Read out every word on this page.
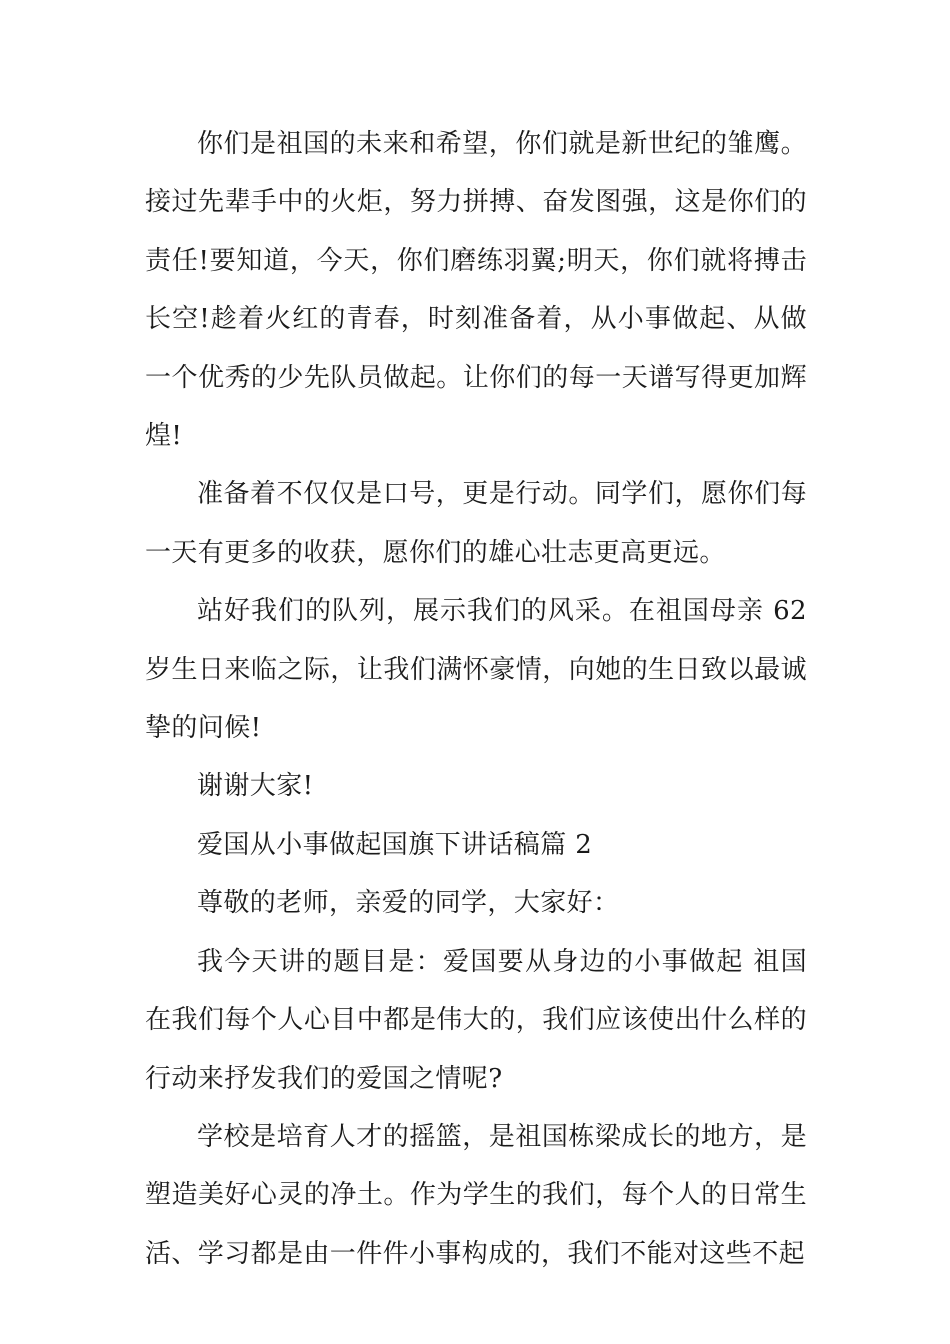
你们是祖国的未来和希望，你们就是新世纪的雏鹰。接过先辈手中的火炬，努力拼搏、奋发图强，这是你们的责任!要知道，今天，你们磨练羽翼;明天，你们就将搏击长空!趁着火红的青春，时刻准备着，从小事做起、从做一个优秀的少先队员做起。让你们的每一天谱写得更加辉煌!

准备着不仅仅是口号，更是行动。同学们，愿你们每一天有更多的收获，愿你们的雄心壮志更高更远。

站好我们的队列，展示我们的风采。在祖国母亲 62 岁生日来临之际，让我们满怀豪情，向她的生日致以最诚挚的问候!

谢谢大家!

爱国从小事做起国旗下讲话稿篇 2

尊敬的老师，亲爱的同学，大家好：

我今天讲的题目是：爱国要从身边的小事做起 祖国在我们每个人心目中都是伟大的，我们应该使出什么样的行动来抒发我们的爱国之情呢?

学校是培育人才的摇篮，是祖国栋梁成长的地方，是塑造美好心灵的净土。作为学生的我们，每个人的日常生活、学习都是由一件件小事构成的，我们不能对这些不起
